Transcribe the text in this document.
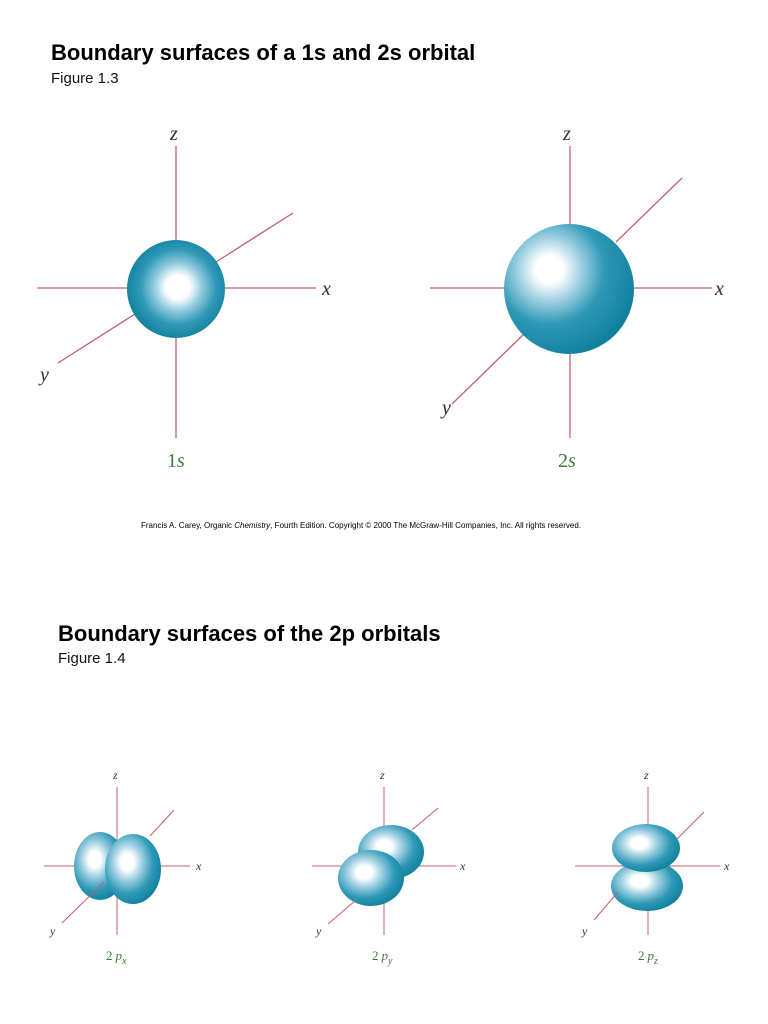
Boundary surfaces of a 1s and 2s orbital
Figure 1.3
z
x
y
1s
z
x
y
2s
z
x
y
2 $p_x$
z
x
y
2 $p_y$
z
x
y
2 $p_z$
Francis A. Carey, Organic Chemistry, Fourth Edition. Copyright © 2000 The McGraw-Hill Companies, Inc. All rights reserved.
Boundary surfaces of the 2p orbitals
Figure 1.4
